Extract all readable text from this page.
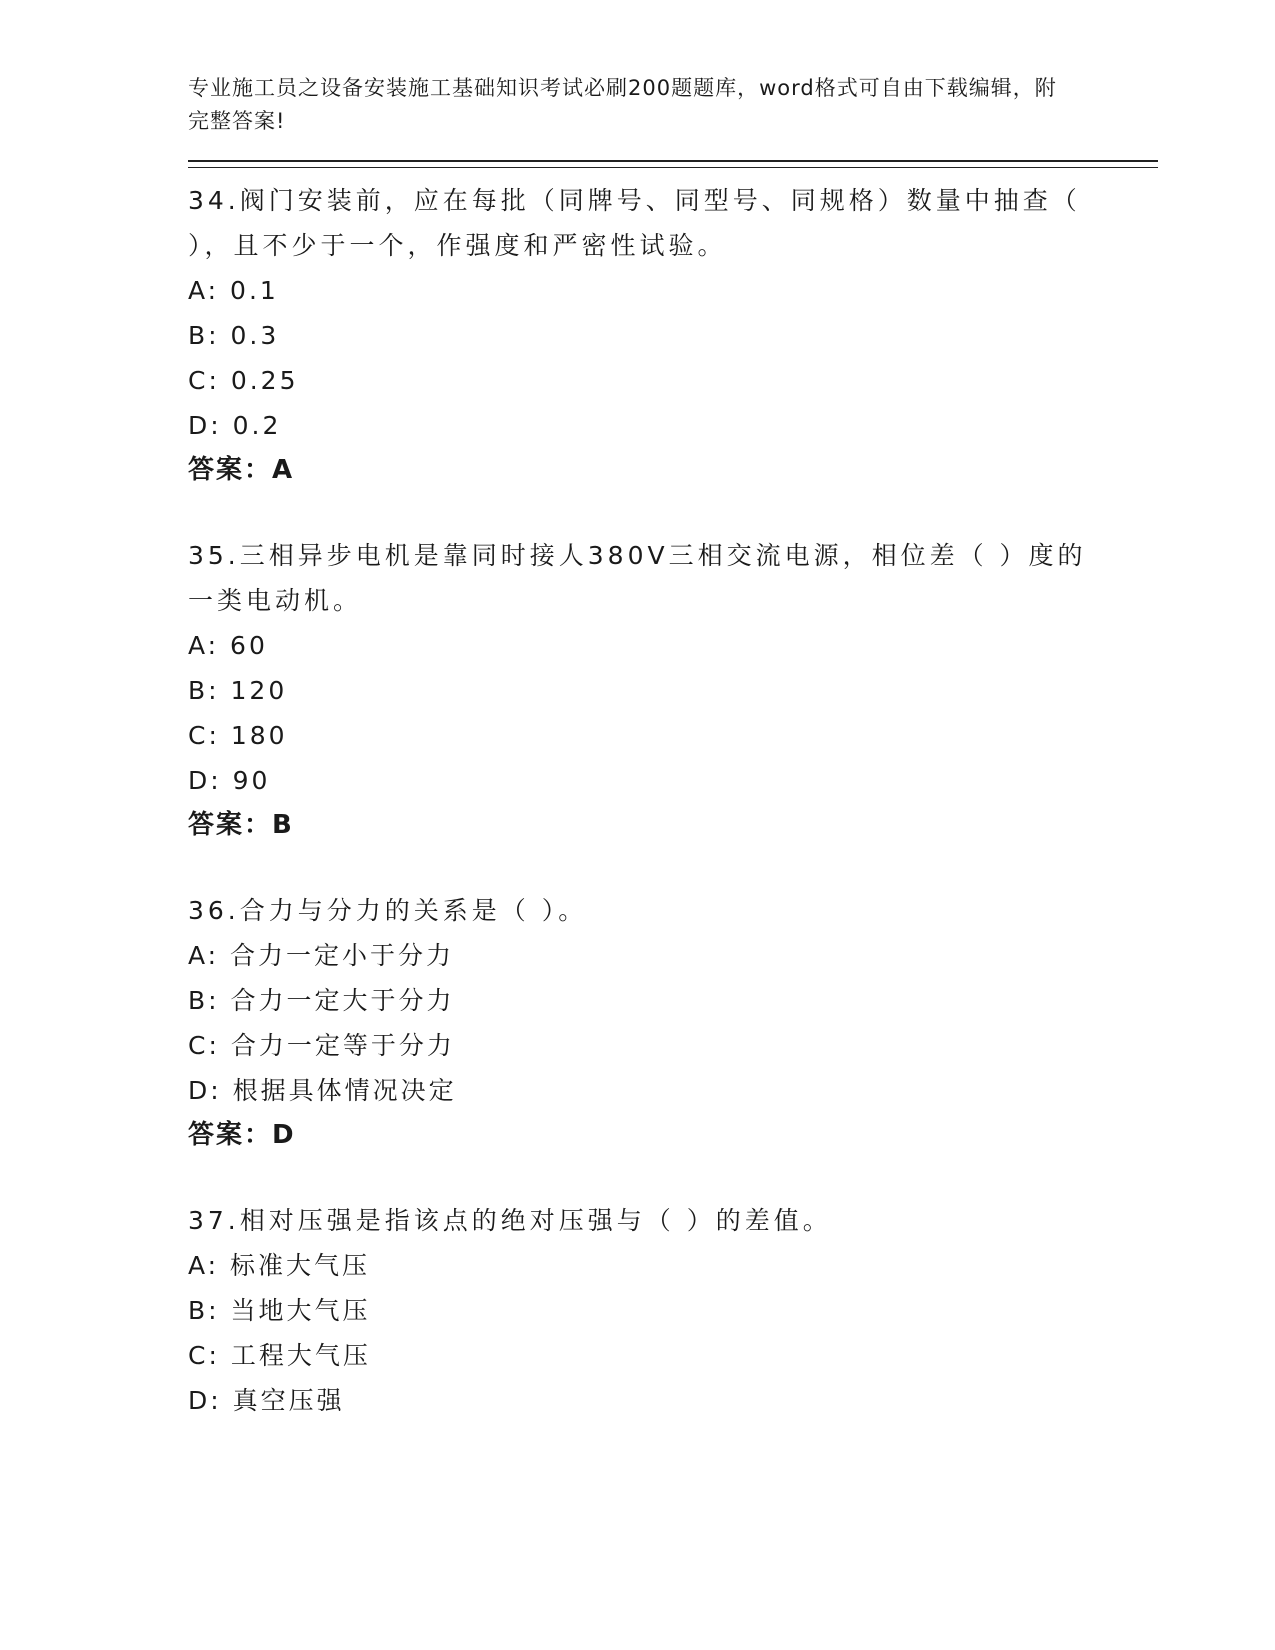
专业施工员之设备安装施工基础知识考试必刷200题题库，word格式可自由下载编辑，附完整答案!

34.阀门安装前，应在每批（同牌号、同型号、同规格）数量中抽查（ ），且不少于一个，作强度和严密性试验。

A: 0.1

B: 0.3

C: 0.25

D: 0.2

答案：A

35.三相异步电机是靠同时接人380V三相交流电源，相位差（ ）度的一类电动机。

A: 60

B: 120

C: 180

D: 90

答案：B

36.合力与分力的关系是（ ）。

A: 合力一定小于分力

B: 合力一定大于分力

C: 合力一定等于分力

D: 根据具体情况决定

答案：D

37.相对压强是指该点的绝对压强与（ ）的差值。

A: 标准大气压

B: 当地大气压

C: 工程大气压

D: 真空压强
